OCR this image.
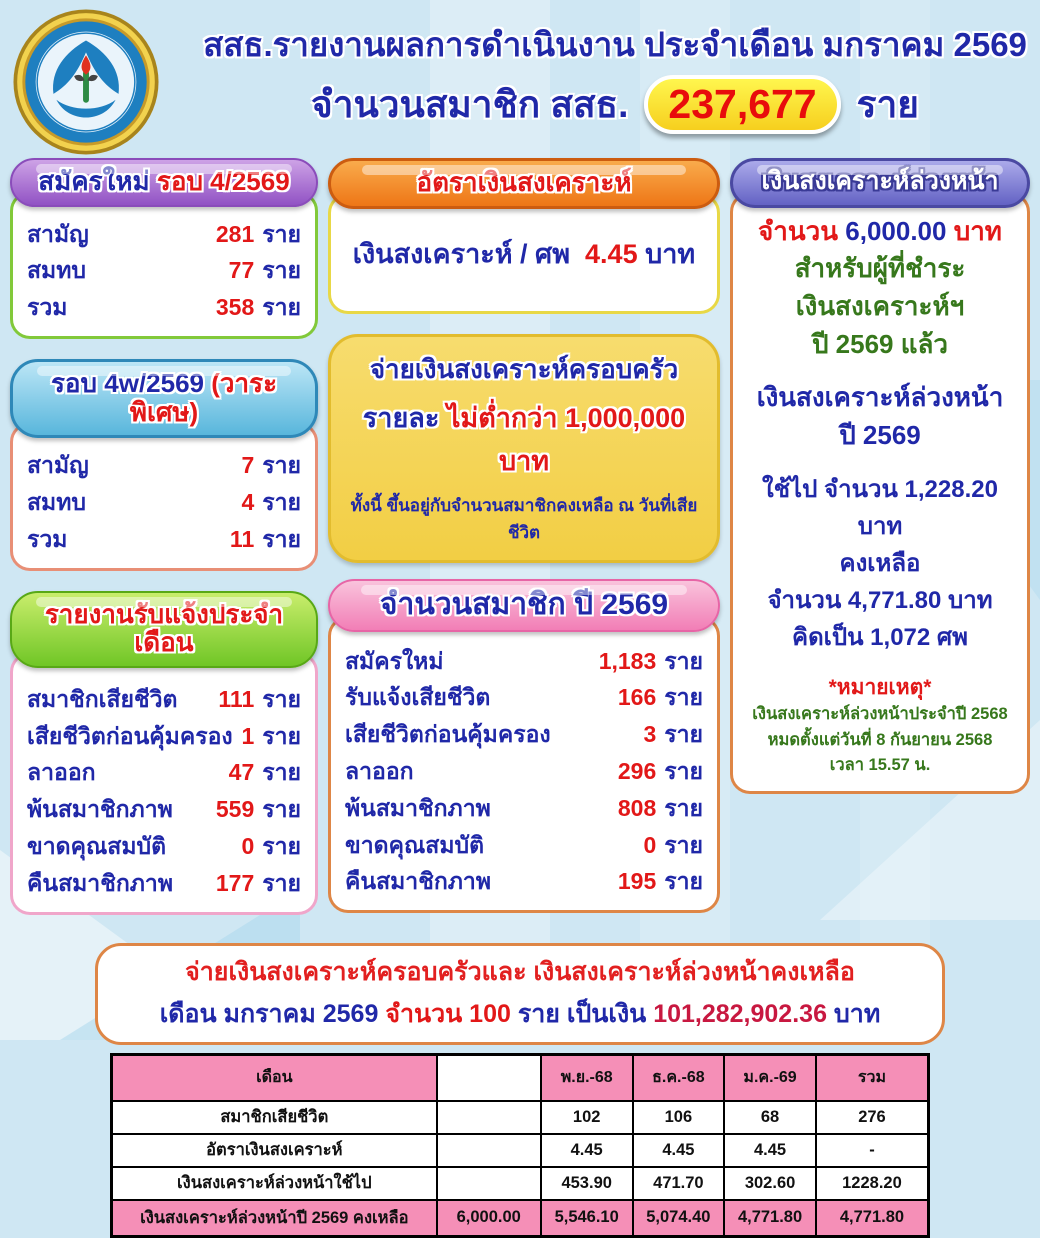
สสธ.รายงานผลการดำเนินงาน ประจำเดือน มกราคม 2569
จำนวนสมาชิก สสธ. 237,677	ราย
สมัครใหม่ รอบ 4/2569
สามัญ	281 ราย
สมทบ	77 ราย
รวม	358 ราย
รอบ 4w/2569 (วาระพิเศษ)
สามัญ	7 ราย
สมทบ	4 ราย
รวม	11 ราย
รายงานรับแจ้งประจำเดือน
สมาชิกเสียชีวิต 111 ราย
เสียชีวิตก่อนคุ้มครอง 1 ราย
ลาออก	47 ราย
พ้นสมาชิกภาพ 559 ราย
ขาดคุณสมบัติ	0 ราย
คืนสมาชิกภาพ 177 ราย
อัตราเงินสงเคราะห์
เงินสงเคราะห์ / ศพ 4.45 บาท
จ่ายเงินสงเคราะห์ครอบครัว
รายละ ไม่ต่ำกว่า 1,000,000 บาท
ทั้งนี้ ขึ้นอยู่กับจำนวนสมาชิกคงเหลือ ณ วันที่เสียชีวิต
จำนวนสมาชิก ปี 2569
สมัครใหม่	1,183 ราย
รับแจ้งเสียชีวิต	166 ราย
เสียชีวิตก่อนคุ้มครอง	3 ราย
ลาออก	296 ราย
พ้นสมาชิกภาพ	808 ราย
ขาดคุณสมบัติ	0 ราย
คืนสมาชิกภาพ	195 ราย
เงินสงเคราะห์ล่วงหน้า
จำนวน 6,000.00 บาท
สำหรับผู้ที่ชำระ
เงินสงเคราะห์ฯ
ปี 2569 แล้ว
เงินสงเคราะห์ล่วงหน้า
ปี 2569
ใช้ไป จำนวน 1,228.20 บาท
คงเหลือ
จำนวน 4,771.80 บาท
คิดเป็น 1,072 ศพ
*หมายเหตุ*
เงินสงเคราะห์ล่วงหน้าประจำปี 2568
หมดตั้งแต่วันที่ 8 กันยายน 2568
เวลา 15.57 น.
จ่ายเงินสงเคราะห์ครอบครัวและ เงินสงเคราะห์ล่วงหน้าคงเหลือ
เดือน มกราคม 2569 จำนวน 100 ราย เป็นเงิน 101,282,902.36 บาท
เดือน		พ.ย.-68	ธ.ค.-68	ม.ค.-69	รวม
สมาชิกเสียชีวิต		102	106	68	276
อัตราเงินสงเคราะห์		4.45	4.45	4.45	-
เงินสงเคราะห์ล่วงหน้าใช้ไป		453.90	471.70	302.60	1228.20
เงินสงเคราะห์ล่วงหน้าปี 2569 คงเหลือ	6,000.00	5,546.10	5,074.40	4,771.80	4,771.80
